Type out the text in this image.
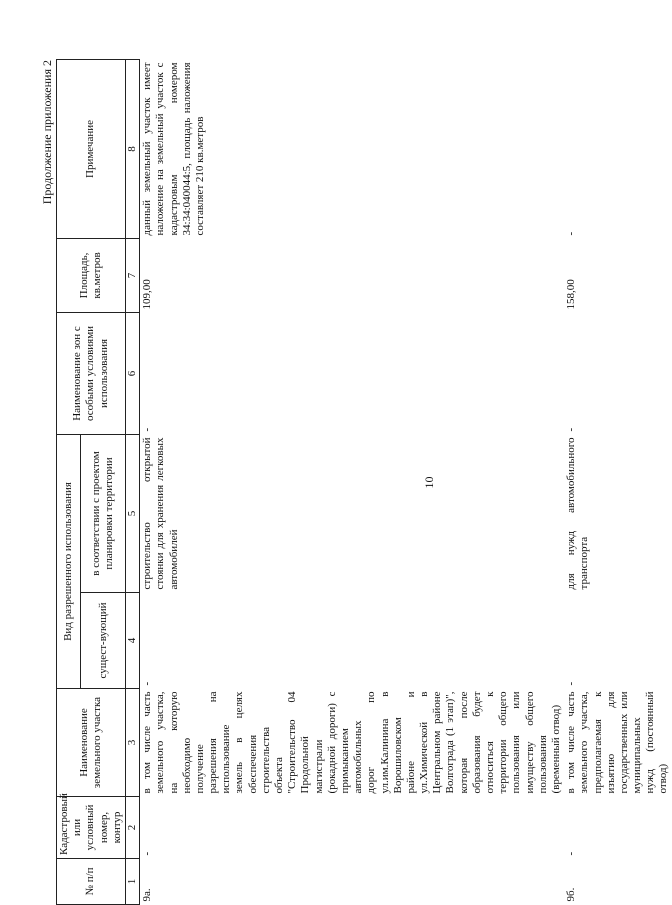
Продолжение приложения 2
10
№ п/п	Кадастровый или условный номер, контур	Наименование земельного участка	Вид разрешенного использования		Наименование зон с особыми условиями использования	Площадь, кв.метров	Примечание
			сущест-вующий	в соответствии с проектом планировки территории			
1	2	3	4	5	6	7	8
9а.	-	в том числе часть земельного участка, на которую необходимо получение разрешения на использование земель в целях обеспечения строительства объекта "Строительство 04 Продольной магистрали (рокадной дороги) с примыканием автомобильных дорог по ул.им.Калинина в Ворошиловском районе и ул.Химической в Центральном районе Волгограда (1 этап)", которая после образования будет относиться к территории общего пользования или имуществу общего пользования (временный отвод)	-	строительство открытой стоянки для хранения легковых автомобилей	-	109,00	данный земельный участок имеет наложение на земельный участок с кадастровым номером 34:34:040044:5, площадь наложения составляет 210 кв.метров
9б.	-	в том числе часть земельного участка, предполагаемая к изъятию для государственных или муниципальных нужд (постоянный отвод)	-	для нужд автомобильного транспорта	-	158,00	-
